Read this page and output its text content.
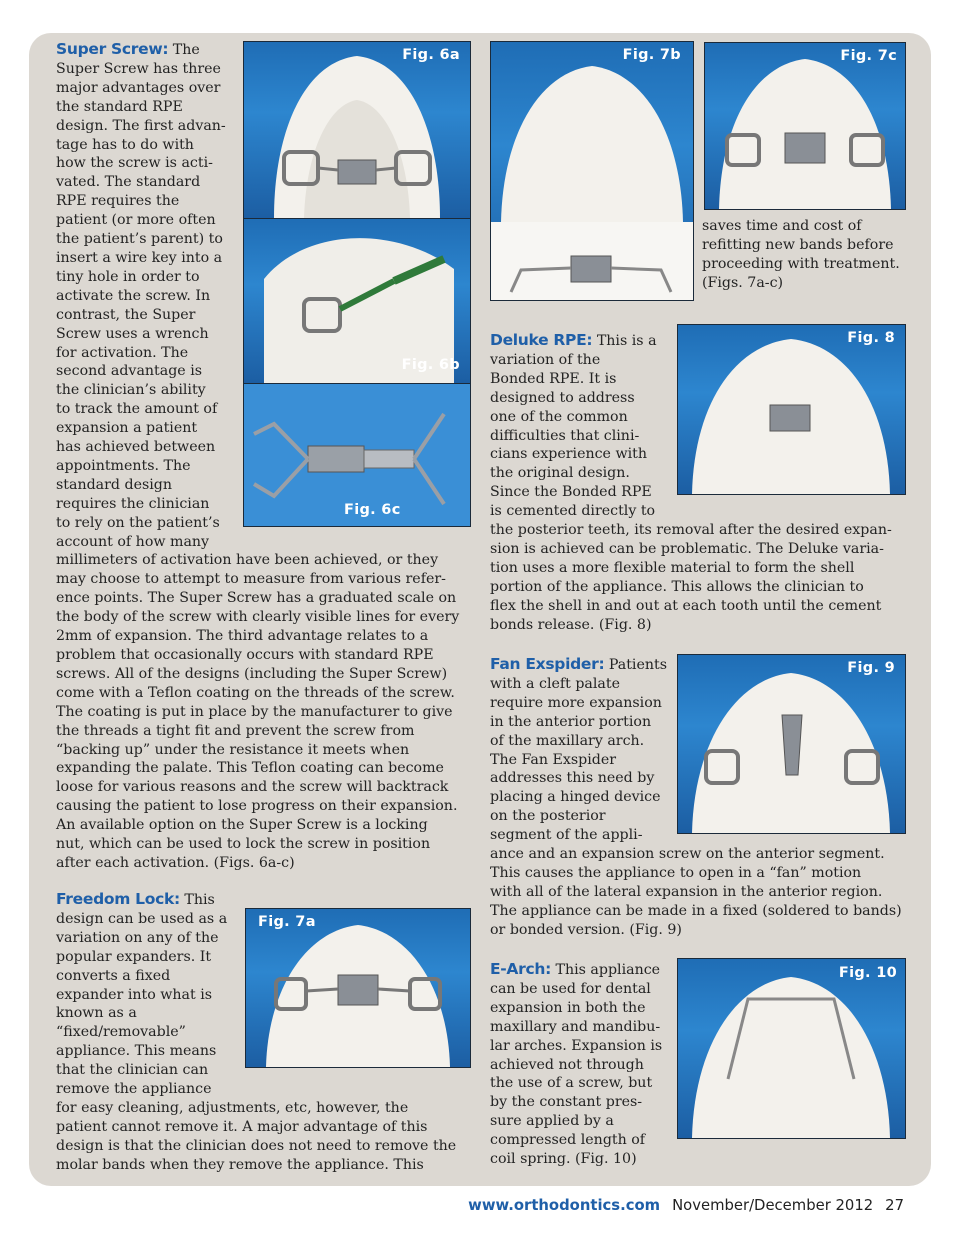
Super Screw: The

Super Screw has three
major advantages over
the standard RPE
design. The first advan-
tage has to do with
how the screw is acti-
vated. The standard
RPE requires the
patient (or more often
the patient’s parent) to
insert a wire key into a
tiny hole in order to
activate the screw. In
contrast, the Super
Screw uses a wrench
for activation. The
second advantage is
the clinician’s ability
to track the amount of
expansion a patient
has achieved between
appointments. The
standard design
requires the clinician
to rely on the patient’s
account of how many
millimeters of activation have been achieved, or they
may choose to attempt to measure from various refer-
ence points. The Super Screw has a graduated scale on
the body of the screw with clearly visible lines for every
2mm of expansion. The third advantage relates to a
problem that occasionally occurs with standard RPE
screws. All of the designs (including the Super Screw)
come with a Teflon coating on the threads of the screw.
The coating is put in place by the manufacturer to give
the threads a tight fit and prevent the screw from
“backing up” under the resistance it meets when
expanding the palate. This Teflon coating can become
loose for various reasons and the screw will backtrack
causing the patient to lose progress on their expansion.
An available option on the Super Screw is a locking
nut, which can be used to lock the screw in position
after each activation. (Figs. 6a-c)

Freedom Lock: This

design can be used as a
variation on any of the
popular expanders. It
converts a fixed
expander into what is
known as a
“fixed/removable”
appliance. This means
that the clinician can
remove the appliance
for easy cleaning, adjustments, etc, however, the
patient cannot remove it. A major advantage of this
design is that the clinician does not need to remove the
molar bands when they remove the appliance. This
saves time and cost of
refitting new bands before
proceeding with treatment.
(Figs. 7a-c)

Deluke RPE: This is a

variation of the
Bonded RPE. It is
designed to address
one of the common
difficulties that clini-
cians experience with
the original design.
Since the Bonded RPE
is cemented directly to
the posterior teeth, its removal after the desired expan-
sion is achieved can be problematic. The Deluke varia-
tion uses a more flexible material to form the shell
portion of the appliance. This allows the clinician to
flex the shell in and out at each tooth until the cement
bonds release. (Fig. 8)

Fan Exspider: Patients

with a cleft palate
require more expansion
in the anterior portion
of the maxillary arch.
The Fan Exspider
addresses this need by
placing a hinged device
on the posterior
segment of the appli-
ance and an expansion screw on the anterior segment.
This causes the appliance to open in a “fan” motion
with all of the lateral expansion in the anterior region.
The appliance can be made in a fixed (soldered to bands)
or bonded version. (Fig. 9)

E-Arch: This appliance

can be used for dental
expansion in both the
maxillary and mandibu-
lar arches. Expansion is
achieved not through
the use of a screw, but
by the constant pres-
sure applied by a
compressed length of
coil spring. (Fig. 10)
Fig. 6a
Fig. 6b
Fig. 6c
Fig. 7a
Fig. 7b	Fig. 7c
Fig. 8
Fig. 9
Fig. 10
www.orthodontics.com November/December 2012 27
